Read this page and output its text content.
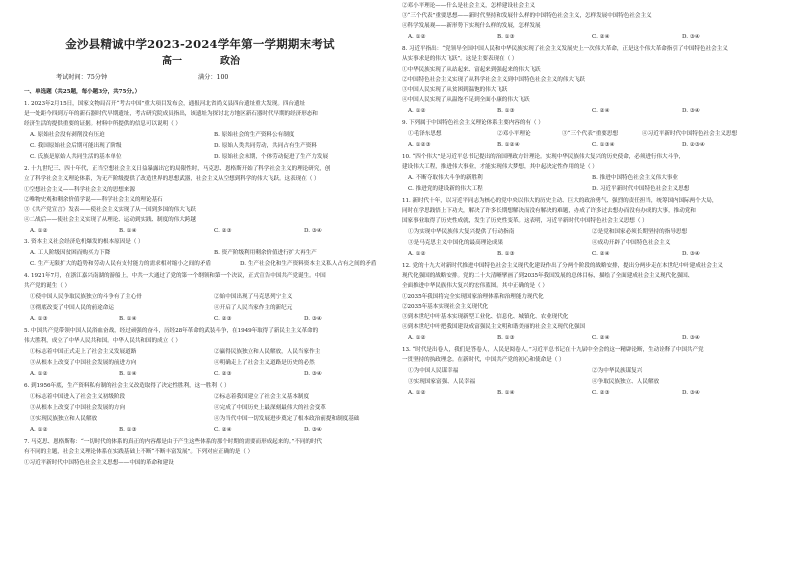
金沙县精诚中学2023-2024学年第一学期期末考试
高一	政治
考试时间：75分钟	满分：100
一、单选题（共25题，每小题3分，共75分。）
1. 2023年2月15日，国家文物局召开“考古中国”重大项目发布会，通报河北省尚义县四台遗址重大发现。四台遗址
是一处距今四到万年的新石器时代早期遗址，考古研究院成员指出，该遗址为探讨北方地区新石器时代早期的经济形态和
经济生活的提供重要的证据。材料中所提供的信息可以说明（ ）
A. 原始社会没有剥削没有压迫	B. 原始社会的生产资料公有制度
C. 我国原始社会后期可能出现了阶级	D. 原始人类共同劳动，共同占有生产资料
C. 氏族是原始人共同生活的基本单位	D. 原始社会末期，个体劳动促进了生产力发展
2. 十九世纪三、四十年代，正当空想社会主义日益暴露出它的局限性时，马克思、恩格斯开始了科学社会主义的理论研究，创
立了科学社会主义理论体系，为无产阶级提供了改造世界的思想武器，社会主义从空想到科学的伟大飞跃。这表现在（ ）
①空想社会主义——科学社会主义的思想来源
②唯物史观和剩余价值学说——科学社会主义的理论基石
③《共产党宣言》发表——使社会主义实现了从一国到多国的伟大飞跃
④二战后——使社会主义实现了从理论、运动到实践、制度的伟大跨越
A. ①②	B. ①④	C. ②③	D. ③④
3. 资本主义社会经济危机爆发的根本原因是（ ）
A. 工人阶级因贫困而购买力下降	B. 资产阶级利用剩余价值进行扩大再生产
C. 生产无限扩大的趋势和劳动人民有支付能力的需求相对缩小之间的矛盾	D. 生产社会化和生产资料资本主义私人占有之间的矛盾
4. 1921年7月，在浙江嘉兴南湖的游船上，中共一大通过了党的第一个纲领和第一个决议，正式宣告中国共产党诞生。中国
共产党的诞生（ ）
①使中国人民争取民族独立的斗争有了主心骨	②始中国出现了马克思列宁主义
③彻底改变了中国人民的前途命运	④开启了人民当家作主的新纪元
A. ①③	B. ①④	C. ②③	D. ③④
5. 中国共产党带领中国人民浴血奋战，经过顽强的奋斗，历经28年革命的武装斗争，在1949年取得了新民主主义革命的
伟大胜利，成立了中华人民共和国。中华人民共和国的成立（ ）
①标志着中国正式走上了社会主义发展道路	②赢得民族独立和人民解放，人民当家作主
③从根本上改变了中国社会发展的前进方向	④明确走上了社会主义道路是历史的必然
A. ①②	B. ①④	C. ②③	D. ③④
6. 到1956年底，生产资料私有制的社会主义改造取得了决定性胜利，这一胜利（ ）
①标志着中国进入了社会主义初级阶段	②标志着我国建立了社会主义基本制度
③从根本上改变了中国社会发展的方向	④完成了中国历史上最深刻最伟大的社会变革
③实现民族独立和人民解放	④为当代中国一切发展进步奠定了根本政治前提和制度基础
A. ①②	B. ①③	C. ②④	D. ③④
7. 马克思、恩格斯称：“一切时代的体系的真正的内容都是由于产生这些体系的那个时期的需要而形成起来的。”不同的时代
有不同的主题，社会主义理论体系在实践基础上不断“不断丰富发展”。下列对应正确的是（ ）
①习近平新时代中国特色社会主义思想——中国的革命和建设
②邓小平理论——什么是社会主义，怎样建设社会主义
③“三个代表”重要思想——新时代坚持和发展什么样的中国特色社会主义，怎样发展中国特色社会主义
④科学发展观——新形势下实现什么样的发展，怎样发展
A. ①②	B. ①③	C. ②④	D. ③④
8. 习近平指出：“党领导全国中国人民和中华民族实现了社会主义发展史上一次伟大革命，正是这个伟大革命指引了中国特色社会主义
从实事求是的伟大飞跃”。这是主要表现在（ ）
①中华民族实现了从站起来、富起来到强起来的伟大飞跃
②中国特色社会主义实现了从科学社会主义到中国特色社会主义的伟大飞跃
③中国人民实现了从贫困到温饱的伟大飞跃
④中国人民实现了从温饱不足到全面小康的伟大飞跃
A. ①②	B. ①③	C. ②④	D. ③④
9. 下列属于中国特色社会主义理论体系主要内容的有（ ）
①毛泽东思想	②邓小平理论	③“三个代表”重要思想	④习近平新时代中国特色社会主义思想
A. ①②③	B. ①②④	C. ①③④	D. ②③④
10. “四个伟大”是习近平总书记提出的治国理政方针理论。实现中华民族伟大复兴的历史使命，必须进行伟大斗争，
建设伟大工程，推进伟大事业，才能实现伟大梦想，其中起决定性作用的是（ ）
A. 不断夺取伟大斗争的新胜利	B. 推进中国特色社会主义伟大事业
C. 推进党的建设新的伟大工程	D. 习近平新时代中国特色社会主义思想
11. 新时代十年，以习近平同志为核心的党中央以伟大的历史主动、巨大的政治勇气、强烈的责任担当，统筹国内国际两个大局，
同时在学思践悟上下功夫，解决了许多长期想解决而没有解决的难题，办成了许多过去想办而没有办成的大事，推动党和
国家事业取得了历史性成就，发生了历史性变革。这表明，习近平新时代中国特色社会主义思想（ ）
①为实现中华民族伟大复兴提供了行动指南	②是党和国家必须长期坚持的指导思想
③是马克思主义中国化的最高理论成果	④成功开辟了中国特色社会主义
A. ①②	B. ①③	C. ②④	D. ③④
12. 党的十九大对新时代推进中国特色社会主义现代化建设作出了分两个阶段的战略安排，提出分两步走在本世纪中叶建成社会主义
现代化强国的战略安排。党的二十大清晰擘画了到2035年我国发展的总体目标，描绘了全面建成社会主义现代化强国、
全面推进中华民族伟大复兴的宏伟蓝图。其中正确的是（ ）
①2035年我国将完全实现国家治理体系和治理能力现代化
②2035年基本实现社会主义现代化
③到本世纪中叶基本实现新型工业化、信息化、城镇化、农业现代化
④到本世纪中叶把我国建设成富强民主文明和谐美丽的社会主义现代化强国
A. ①②	B. ①③	C. ②④	D. ③④
13. “时代是出卷人，我们是答卷人，人民是阅卷人。”习近平总书记在十九届中全会的这一精辟论断，生动诠释了中国共产党
一贯坚持的执政理念。在新时代，中国共产党的初心和使命是（ ）
①为中国人民谋幸福	②为中华民族谋复兴
③实现国家富强、人民幸福	④争取民族独立、人民解放
A. ①②	B. ①④	C. ②③	D. ③④
